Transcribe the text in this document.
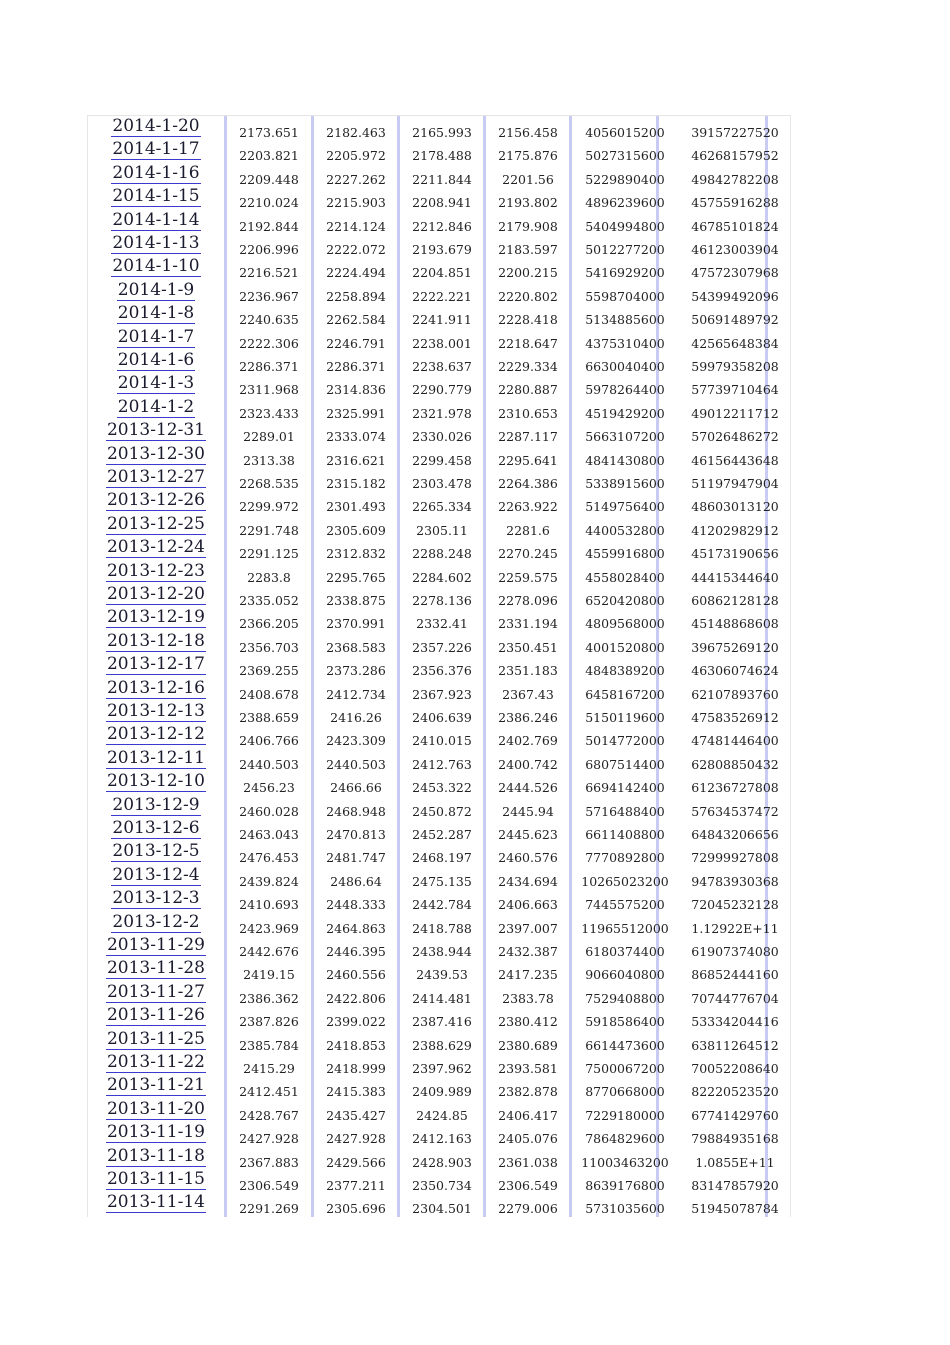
2014-1-20	2173.651	2182.463	2165.993	2156.458	4056015200	39157227520
2014-1-17	2203.821	2205.972	2178.488	2175.876	5027315600	46268157952
2014-1-16	2209.448	2227.262	2211.844	2201.56	5229890400	49842782208
2014-1-15	2210.024	2215.903	2208.941	2193.802	4896239600	45755916288
2014-1-14	2192.844	2214.124	2212.846	2179.908	5404994800	46785101824
2014-1-13	2206.996	2222.072	2193.679	2183.597	5012277200	46123003904
2014-1-10	2216.521	2224.494	2204.851	2200.215	5416929200	47572307968
2014-1-9	2236.967	2258.894	2222.221	2220.802	5598704000	54399492096
2014-1-8	2240.635	2262.584	2241.911	2228.418	5134885600	50691489792
2014-1-7	2222.306	2246.791	2238.001	2218.647	4375310400	42565648384
2014-1-6	2286.371	2286.371	2238.637	2229.334	6630040400	59979358208
2014-1-3	2311.968	2314.836	2290.779	2280.887	5978264400	57739710464
2014-1-2	2323.433	2325.991	2321.978	2310.653	4519429200	49012211712
2013-12-31	2289.01	2333.074	2330.026	2287.117	5663107200	57026486272
2013-12-30	2313.38	2316.621	2299.458	2295.641	4841430800	46156443648
2013-12-27	2268.535	2315.182	2303.478	2264.386	5338915600	51197947904
2013-12-26	2299.972	2301.493	2265.334	2263.922	5149756400	48603013120
2013-12-25	2291.748	2305.609	2305.11	2281.6	4400532800	41202982912
2013-12-24	2291.125	2312.832	2288.248	2270.245	4559916800	45173190656
2013-12-23	2283.8	2295.765	2284.602	2259.575	4558028400	44415344640
2013-12-20	2335.052	2338.875	2278.136	2278.096	6520420800	60862128128
2013-12-19	2366.205	2370.991	2332.41	2331.194	4809568000	45148868608
2013-12-18	2356.703	2368.583	2357.226	2350.451	4001520800	39675269120
2013-12-17	2369.255	2373.286	2356.376	2351.183	4848389200	46306074624
2013-12-16	2408.678	2412.734	2367.923	2367.43	6458167200	62107893760
2013-12-13	2388.659	2416.26	2406.639	2386.246	5150119600	47583526912
2013-12-12	2406.766	2423.309	2410.015	2402.769	5014772000	47481446400
2013-12-11	2440.503	2440.503	2412.763	2400.742	6807514400	62808850432
2013-12-10	2456.23	2466.66	2453.322	2444.526	6694142400	61236727808
2013-12-9	2460.028	2468.948	2450.872	2445.94	5716488400	57634537472
2013-12-6	2463.043	2470.813	2452.287	2445.623	6611408800	64843206656
2013-12-5	2476.453	2481.747	2468.197	2460.576	7770892800	72999927808
2013-12-4	2439.824	2486.64	2475.135	2434.694	10265023200	94783930368
2013-12-3	2410.693	2448.333	2442.784	2406.663	7445575200	72045232128
2013-12-2	2423.969	2464.863	2418.788	2397.007	11965512000	1.12922E+11
2013-11-29	2442.676	2446.395	2438.944	2432.387	6180374400	61907374080
2013-11-28	2419.15	2460.556	2439.53	2417.235	9066040800	86852444160
2013-11-27	2386.362	2422.806	2414.481	2383.78	7529408800	70744776704
2013-11-26	2387.826	2399.022	2387.416	2380.412	5918586400	53334204416
2013-11-25	2385.784	2418.853	2388.629	2380.689	6614473600	63811264512
2013-11-22	2415.29	2418.999	2397.962	2393.581	7500067200	70052208640
2013-11-21	2412.451	2415.383	2409.989	2382.878	8770668000	82220523520
2013-11-20	2428.767	2435.427	2424.85	2406.417	7229180000	67741429760
2013-11-19	2427.928	2427.928	2412.163	2405.076	7864829600	79884935168
2013-11-18	2367.883	2429.566	2428.903	2361.038	11003463200	1.0855E+11
2013-11-15	2306.549	2377.211	2350.734	2306.549	8639176800	83147857920
2013-11-14	2291.269	2305.696	2304.501	2279.006	5731035600	51945078784
